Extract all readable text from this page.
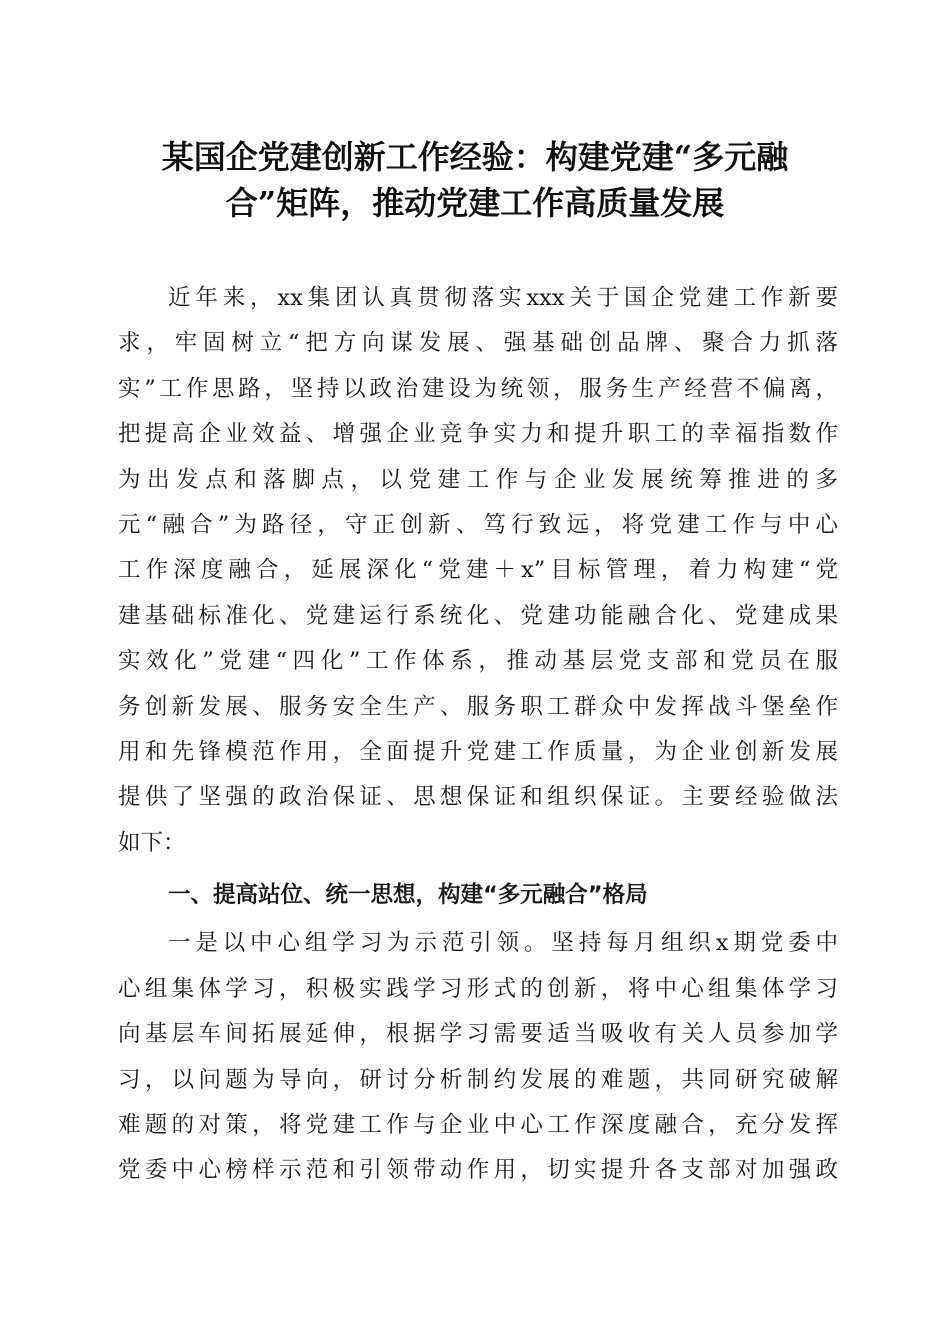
某国企党建创新工作经验：构建党建“多元融
合”矩阵，推动党建工作高质量发展
近年来，xx集团认真贯彻落实xxx关于国企党建工作新要
求，牢固树立“把方向谋发展、强基础创品牌、聚合力抓落
实”工作思路，坚持以政治建设为统领，服务生产经营不偏离，
把提高企业效益、增强企业竞争实力和提升职工的幸福指数作
为出发点和落脚点，以党建工作与企业发展统筹推进的多
元“融合”为路径，守正创新、笃行致远，将党建工作与中心
工作深度融合，延展深化“党建＋x”目标管理，着力构建“党
建基础标准化、党建运行系统化、党建功能融合化、党建成果
实效化”党建“四化”工作体系，推动基层党支部和党员在服
务创新发展、服务安全生产、服务职工群众中发挥战斗堡垒作
用和先锋模范作用，全面提升党建工作质量，为企业创新发展
提供了坚强的政治保证、思想保证和组织保证。主要经验做法
如下：
一、提高站位、统一思想，构建“多元融合”格局
一是以中心组学习为示范引领。坚持每月组织x期党委中
心组集体学习，积极实践学习形式的创新，将中心组集体学习
向基层车间拓展延伸，根据学习需要适当吸收有关人员参加学
习，以问题为导向，研讨分析制约发展的难题，共同研究破解
难题的对策，将党建工作与企业中心工作深度融合，充分发挥
党委中心榜样示范和引领带动作用，切实提升各支部对加强政
